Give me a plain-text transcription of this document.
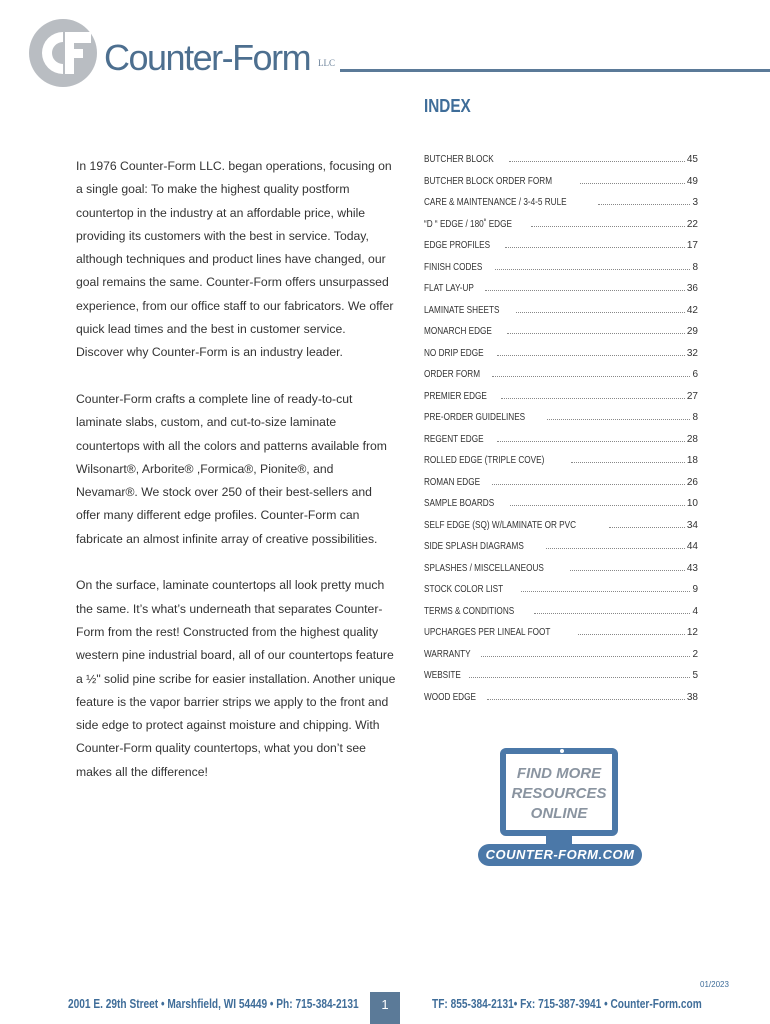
Counter-Form LLC
INDEX

In 1976 Counter-Form LLC. began operations, focusing on a single goal: To make the highest quality postform countertop in the industry at an affordable price, while providing its customers with the best in service. Today, although techniques and product lines have changed, our goal remains the same. Counter-Form offers unsurpassed experience, from our office staff to our fabricators. We offer quick lead times and the best in customer service. Discover why Counter-Form is an industry leader.

Counter-Form crafts a complete line of ready-to-cut laminate slabs, custom, and cut-to-size laminate countertops with all the colors and patterns available from Wilsonart®, Arborite® ,Formica®, Pionite®, and Nevamar®. We stock over 250 of their best-sellers and offer many different edge profiles. Counter-Form can fabricate an almost infinite array of creative possibilities.

On the surface, laminate countertops all look pretty much the same. It’s what’s underneath that separates Counter-Form from the rest! Constructed from the highest quality western pine industrial board, all of our countertops feature a ½" solid pine scribe for easier installation. Another unique feature is the vapor barrier strips we apply to the front and side edge to protect against moisture and chipping. With Counter-Form quality countertops, what you don’t see makes all the difference!

BUTCHER BLOCK	45
BUTCHER BLOCK ORDER FORM	49
CARE & MAINTENANCE / 3-4-5 RULE	3
“D “ EDGE / 180˚ EDGE	22
EDGE PROFILES	17
FINISH CODES	8
FLAT LAY-UP	36
LAMINATE SHEETS	42
MONARCH EDGE	29
NO DRIP EDGE	32
ORDER FORM	6
PREMIER EDGE	27
PRE-ORDER GUIDELINES	8
REGENT EDGE	28
ROLLED EDGE (TRIPLE COVE)	18
ROMAN EDGE	26
SAMPLE BOARDS	10
SELF EDGE (SQ) W/LAMINATE OR PVC	34
SIDE SPLASH DIAGRAMS	44
SPLASHES / MISCELLANEOUS	43
STOCK COLOR LIST	9
TERMS & CONDITIONS	4
UPCHARGES PER LINEAL FOOT	12
WARRANTY	2
WEBSITE	5
WOOD EDGE	38
FIND MORE
RESOURCES
ONLINE
COUNTER-FORM.COM
01/2023
2001 E. 29th Street • Marshfield, WI 54449 • Ph: 715-384-2131	1	TF: 855-384-2131• Fx: 715-387-3941 • Counter-Form.com
